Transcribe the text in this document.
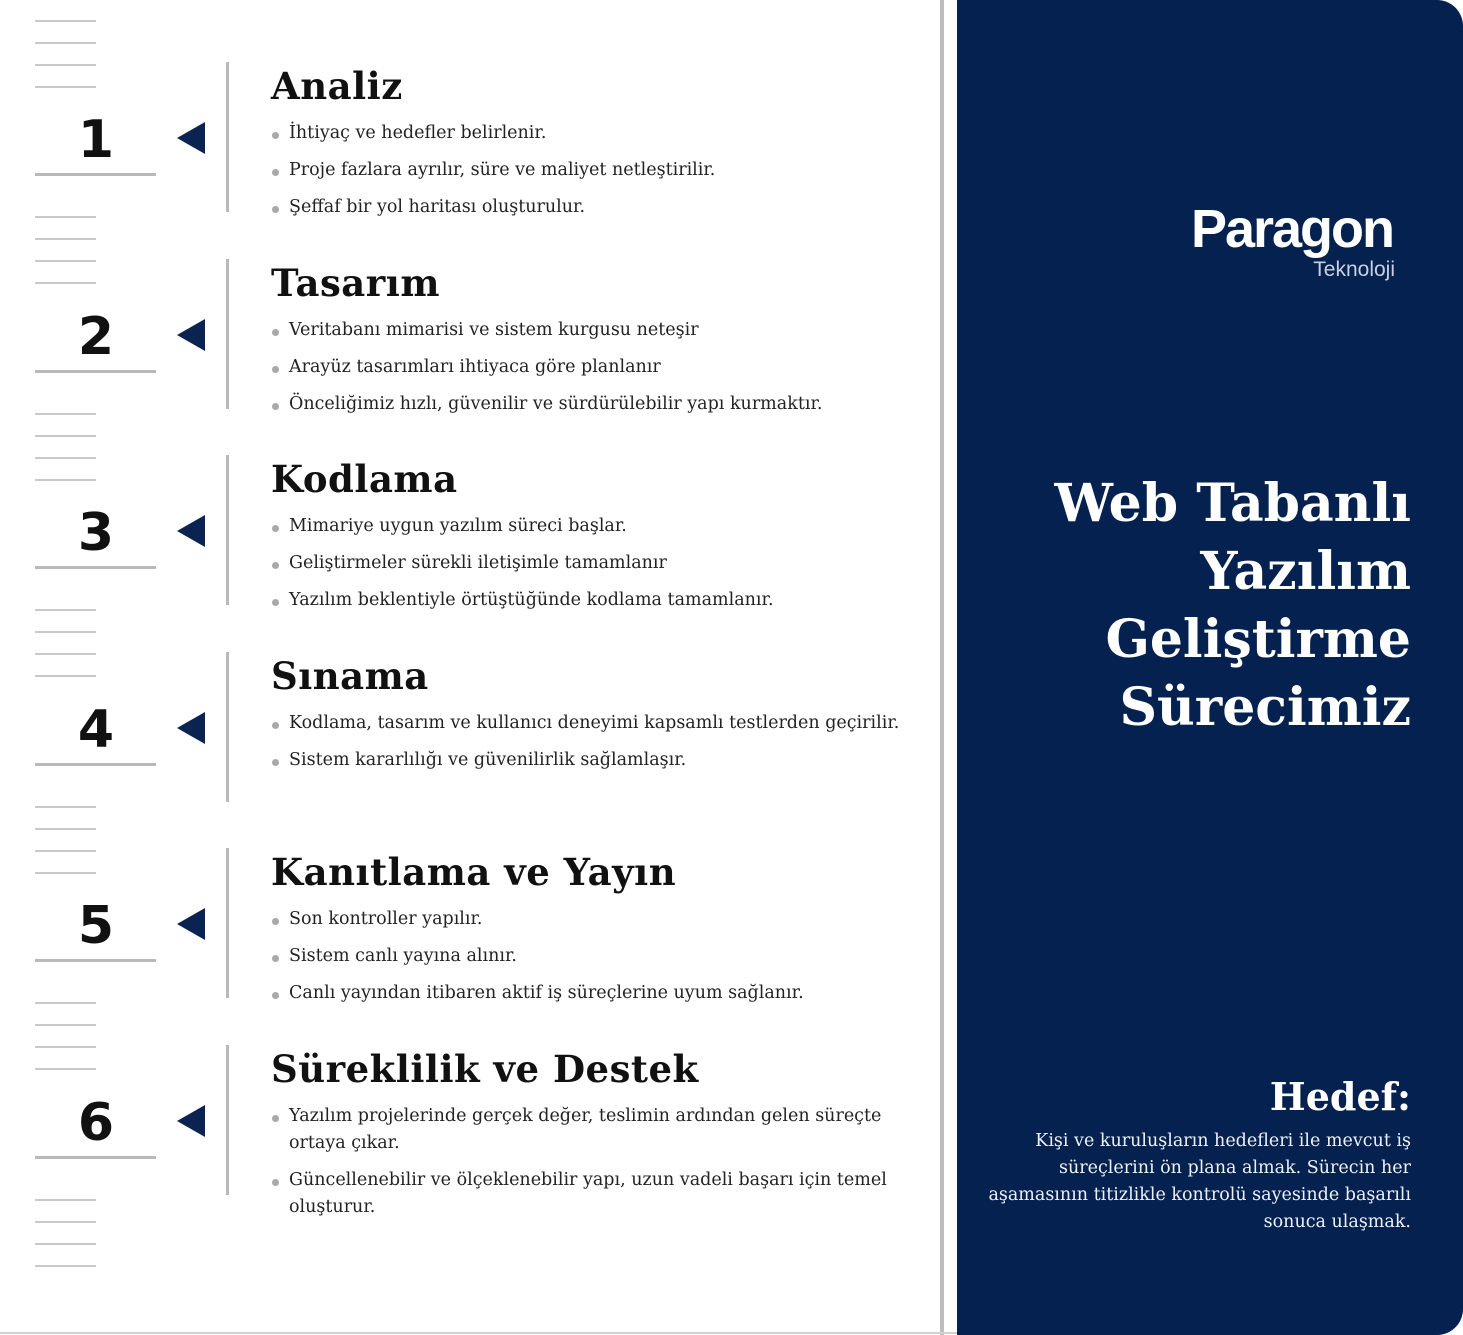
1
Analiz
İhtiyaç ve hedefler belirlenir.
Proje fazlara ayrılır, süre ve maliyet netleştirilir.
Şeffaf bir yol haritası oluşturulur.
2
Tasarım
Veritabanı mimarisi ve sistem kurgusu neteşir
Arayüz tasarımları ihtiyaca göre planlanır
Önceliğimiz hızlı, güvenilir ve sürdürülebilir yapı kurmaktır.
3
Kodlama
Mimariye uygun yazılım süreci başlar.
Geliştirmeler sürekli iletişimle tamamlanır
Yazılım beklentiyle örtüştüğünde kodlama tamamlanır.
4
Sınama
Kodlama, tasarım ve kullanıcı deneyimi kapsamlı testlerden geçirilir.
Sistem kararlılığı ve güvenilirlik sağlamlaşır.
5
Kanıtlama ve Yayın
Son kontroller yapılır.
Sistem canlı yayına alınır.
Canlı yayından itibaren aktif iş süreçlerine uyum sağlanır.
6
Süreklilik ve Destek
Yazılım projelerinde gerçek değer, teslimin ardından gelen süreçte ortaya çıkar.
Güncellenebilir ve ölçeklenebilir yapı, uzun vadeli başarı için temel oluşturur.
Paragon
Teknoloji
Web Tabanlı
Yazılım
Geliştirme
Sürecimiz
Hedef:
Kişi ve kuruluşların hedefleri ile mevcut iş süreçlerini ön plana almak. Sürecin her aşamasının titizlikle kontrolü sayesinde başarılı sonuca ulaşmak.
